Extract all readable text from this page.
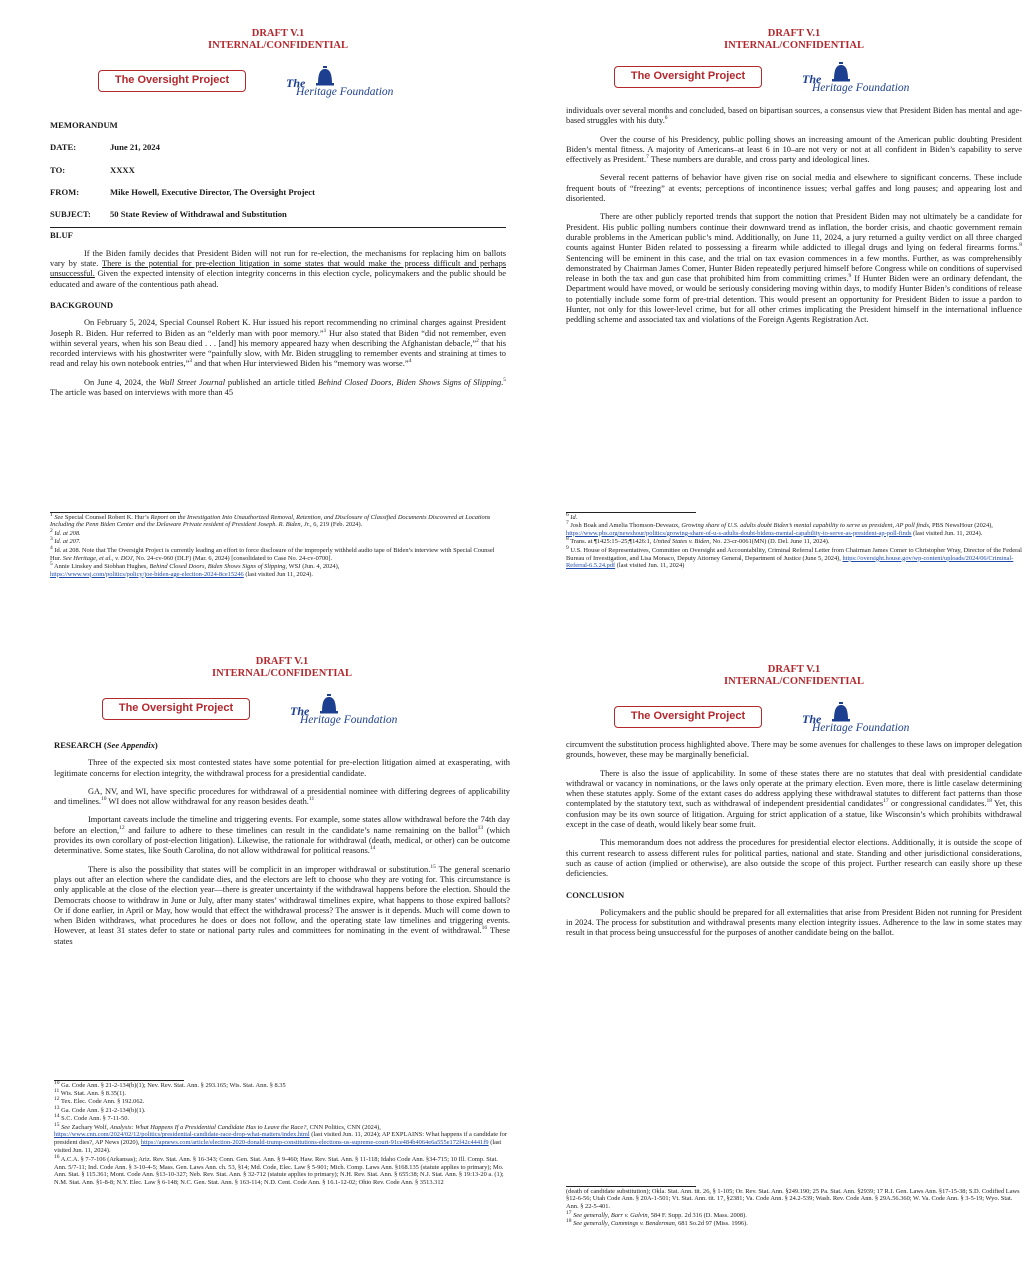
DRAFT V.1
INTERNAL/CONFIDENTIAL
The Oversight Project	The
Heritage Foundation
MEMORANDUM
DATE:	June 21, 2024
TO:	XXXX
FROM:	Mike Howell, Executive Director, The Oversight Project
SUBJECT:	50 State Review of Withdrawal and Substitution
BLUF

If the Biden family decides that President Biden will not run for re-election, the mechanisms for replacing him on ballots vary by state. There is the potential for pre-election litigation in some states that would make the process difficult and perhaps unsuccessful. Given the expected intensity of election integrity concerns in this election cycle, policymakers and the public should be educated and aware of the contentious path ahead.

BACKGROUND

On February 5, 2024, Special Counsel Robert K. Hur issued his report recommending no criminal charges against President Joseph R. Biden. Hur referred to Biden as an “elderly man with poor memory.”$^1$ Hur also stated that Biden “did not remember, even within several years, when his son Beau died . . . [and] his memory appeared hazy when describing the Afghanistan debacle,”$^2$ that his recorded interviews with his ghostwriter were “painfully slow, with Mr. Biden struggling to remember events and straining at times to read and relay his own notebook entries,”$^3$ and that when Hur interviewed Biden his “memory was worse.”$^4$

On June 4, 2024, the Wall Street Journal published an article titled Behind Closed Doors, Biden Shows Signs of Slipping.$^5$ The article was based on interviews with more than 45

$^1$ See Special Counsel Robert K. Hur’s Report on the Investigation Into Unauthorized Removal, Retention, and Disclosure of Classified Documents Discovered at Locations Including the Penn Biden Center and the Delaware Private resident of President Joseph. R. Biden, Jr., 6, 219 (Feb. 2024).
$^2$ Id. at 208.
$^3$ Id. at 207.
$^4$ Id. at 208. Note that The Oversight Project is currently leading an effort to force disclosure of the improperly withheld audio tape of Biden’s interview with Special Counsel Hur. See Heritage, et al., v. DOJ, No. 24-cv-960 (DLF) (Mar. 6, 2024) [consolidated to Case No. 24-cv-0700].
$^5$ Annie Linskey and Siobhan Hughes, Behind Closed Doors, Biden Shows Signs of Slipping, WSJ (Jun. 4, 2024),
https://www.wsj.com/politics/policy/joe-biden-age-election-2024-8ce15246 (last visited Jun 11, 2024).
DRAFT V.1
INTERNAL/CONFIDENTIAL
The Oversight Project	The
Heritage Foundation

individuals over several months and concluded, based on bipartisan sources, a consensus view that President Biden has mental and age-based struggles with his duty.$^6$

Over the course of his Presidency, public polling shows an increasing amount of the American public doubting President Biden’s mental fitness. A majority of Americans–at least 6 in 10–are not very or not at all confident in Biden’s capability to serve effectively as President.$^7$ These numbers are durable, and cross party and ideological lines.

Several recent patterns of behavior have given rise on social media and elsewhere to significant concerns. These include frequent bouts of “freezing” at events; perceptions of incontinence issues; verbal gaffes and long pauses; and appearing lost and disoriented.

There are other publicly reported trends that support the notion that President Biden may not ultimately be a candidate for President. His public polling numbers continue their downward trend as inflation, the border crisis, and chaotic government remain durable problems in the American public’s mind. Additionally, on June 11, 2024, a jury returned a guilty verdict on all three charged counts against Hunter Biden related to possessing a firearm while addicted to illegal drugs and lying on federal firearms forms.$^8$ Sentencing will be eminent in this case, and the trial on tax evasion commences in a few months. Further, as was comprehensibly demonstrated by Chairman James Comer, Hunter Biden repeatedly perjured himself before Congress while on conditions of supervised release in both the tax and gun case that prohibited him from committing crimes.$^9$ If Hunter Biden were an ordinary defendant, the Department would have moved, or would be seriously considering moving within days, to modify Hunter Biden’s conditions of release to potentially include some form of pre-trial detention. This would present an opportunity for President Biden to issue a pardon to Hunter, not only for this lower-level crime, but for all other crimes implicating the President himself in the international influence peddling scheme and associated tax and violations of the Foreign Agents Registration Act.

$^6$ Id.
$^7$ Josh Boak and Amelia Thomson-Deveaux, Growing share of U.S. adults doubt Biden’s mental capability to serve as president, AP poll finds, PBS NewsHour (2024), https://www.pbs.org/newshour/politics/growing-share-of-u-s-adults-doubt-bidens-mental-capability-to-serve-as-president-ap-poll-finds (last visited Jun. 11, 2024).
$^8$ Trans. at ¶1425:15–25;¶1426:1, United States v. Biden, No. 23-cr-0061(MN) (D. Del. June 11, 2024).
$^9$ U.S. House of Representatives, Committee on Oversight and Accountability, Criminal Referral Letter from Chairman James Comer to Christopher Wray, Director of the Federal Bureau of Investigation, and Lisa Monaco, Deputy Attorney General, Department of Justice (June 5, 2024), https://oversight.house.gov/wp-content/uploads/2024/06/Criminal-Referral-6.5.24.pdf (last visited Jun. 11, 2024)
DRAFT V.1
INTERNAL/CONFIDENTIAL
The Oversight Project	The
Heritage Foundation
RESEARCH (See Appendix)

Three of the expected six most contested states have some potential for pre-election litigation aimed at exasperating, with legitimate concerns for election integrity, the withdrawal process for a presidential candidate.

GA, NV, and WI, have specific procedures for withdrawal of a presidential nominee with differing degrees of applicability and timelines.$^{10}$ WI does not allow withdrawal for any reason besides death.$^{11}$

Important caveats include the timeline and triggering events. For example, some states allow withdrawal before the 74th day before an election,$^{12}$ and failure to adhere to these timelines can result in the candidate’s name remaining on the ballot$^{13}$ (which provides its own corollary of post-election litigation). Likewise, the rationale for withdrawal (death, medical, or other) can be outcome determinative. Some states, like South Carolina, do not allow withdrawal for political reasons.$^{14}$

There is also the possibility that states will be complicit in an improper withdrawal or substitution.$^{15}$ The general scenario plays out after an election where the candidate dies, and the electors are left to choose who they are voting for. This circumstance is only applicable at the close of the election year—there is greater uncertainty if the withdrawal happens before the election. Should the Democrats choose to withdraw in June or July, after many states’ withdrawal timelines expire, what happens to those expired ballots? Or if done earlier, in April or May, how would that effect the withdrawal process? The answer is it depends. Much will come down to when Biden withdraws, what procedures he does or does not follow, and the operating state law timelines and triggering events. However, at least 31 states defer to state or national party rules and committees for nominating in the event of withdrawal.$^{16}$ These states

$^{10}$ Ga. Code Ann. § 21-2-134(b)(1); Nev. Rev. Stat. Ann. § 293.165; Wis. Stat. Ann. § 8.35
$^{11}$ Wis. Stat. Ann. § 8.35(1).
$^{12}$ Tex. Elec. Code Ann. § 192.062.
$^{13}$ Ga. Code Ann. § 21-2-134(b)(1).
$^{14}$ S.C. Code Ann. § 7-11-50.
$^{15}$ See Zachary Wolf, Analysis: What Happens If a Presidential Candidate Has to Leave the Race?, CNN Politics, CNN (2024), https://www.cnn.com/2024/02/12/politics/presidential-candidate-race-drop-what-matters/index.html (last visited Jun. 11, 2024); AP EXPLAINS: What happens if a candidate for president dies?, AP News (2020), https://apnews.com/article/election-2020-donald-trump-constitutions-elections-us-supreme-court-91ce484b4064e6a555e172f42c4441f9 (last visited Jun. 11, 2024).
$^{16}$ A.C.A. § 7-7-106 (Arkansas); Ariz. Rev. Stat. Ann. § 16-343; Conn. Gen. Stat. Ann. § 9-460; Haw. Rev. Stat. Ann. § 11-118; Idaho Code Ann. §34-715; 10 Ill. Comp. Stat. Ann. 5/7-11; Ind. Code Ann. § 3-10-4-5; Mass. Gen. Laws Ann. ch. 53, §14; Md. Code, Elec. Law § 5-901; Mich. Comp. Laws Ann. §168.135 (statute applies to primary); Mo. Ann. Stat. § 115.361; Mont. Code Ann. §13-10-327; Neb. Rev. Stat. Ann. § 32-712 (statute applies to primary); N.H. Rev. Stat. Ann. § 655:38; N.J. Stat. Ann. § 19:13-20 a. (1); N.M. Stat. Ann. §1-8-8; N.Y. Elec. Law § 6-148; N.C. Gen. Stat. Ann. § 163-114; N.D. Cent. Code Ann. § 16.1-12-02; Ohio Rev. Code Ann. § 3513.312
DRAFT V.1
INTERNAL/CONFIDENTIAL
The Oversight Project	The
Heritage Foundation

circumvent the substitution process highlighted above. There may be some avenues for challenges to these laws on improper delegation grounds, however, these may be marginally beneficial.

There is also the issue of applicability. In some of these states there are no statutes that deal with presidential candidate withdrawal or vacancy in nominations, or the laws only operate at the primary election. Even more, there is little caselaw determining when these statutes apply. Some of the extant cases do address applying these withdrawal statutes to different fact patterns than those contemplated by the statutory text, such as withdrawal of independent presidential candidates$^{17}$ or congressional candidates.$^{18}$ Yet, this confusion may be its own source of litigation. Arguing for strict application of a statue, like Wisconsin’s which prohibits withdrawal except in the case of death, would likely bear some fruit.

This memorandum does not address the procedures for presidential elector elections. Additionally, it is outside the scope of this current research to assess different rules for political parties, national and state. Standing and other jurisdictional considerations, such as cause of action (implied or otherwise), are also outside the scope of this project. Further research can easily shore up these deficiencies.

CONCLUSION

Policymakers and the public should be prepared for all externalities that arise from President Biden not running for President in 2024. The process for substitution and withdrawal presents many election integrity issues. Adherence to the law in some states may result in that process being unsuccessful for the purposes of another candidate being on the ballot.

(death of candidate substitution); Okla. Stat. Ann. tit. 26, § 1-105; Or. Rev. Stat. Ann. §249.190; 25 Pa. Stat. Ann. §2939; 17 R.I. Gen. Laws Ann. §17-15-38; S.D. Codified Laws §12-6-56; Utah Code Ann. § 20A-1-501; Vt. Stat. Ann. tit. 17, §2381; Va. Code Ann. § 24.2-539; Wash. Rev. Code Ann. § 29A.56.360; W. Va. Code Ann. § 3-5-19; Wyo. Stat. Ann. § 22-5-401.
$^{17}$ See generally, Barr v. Galvin, 584 F. Supp. 2d 316 (D. Mass. 2008).
$^{18}$ See generally, Cummings v. Benderman, 681 So.2d 97 (Miss. 1996).
